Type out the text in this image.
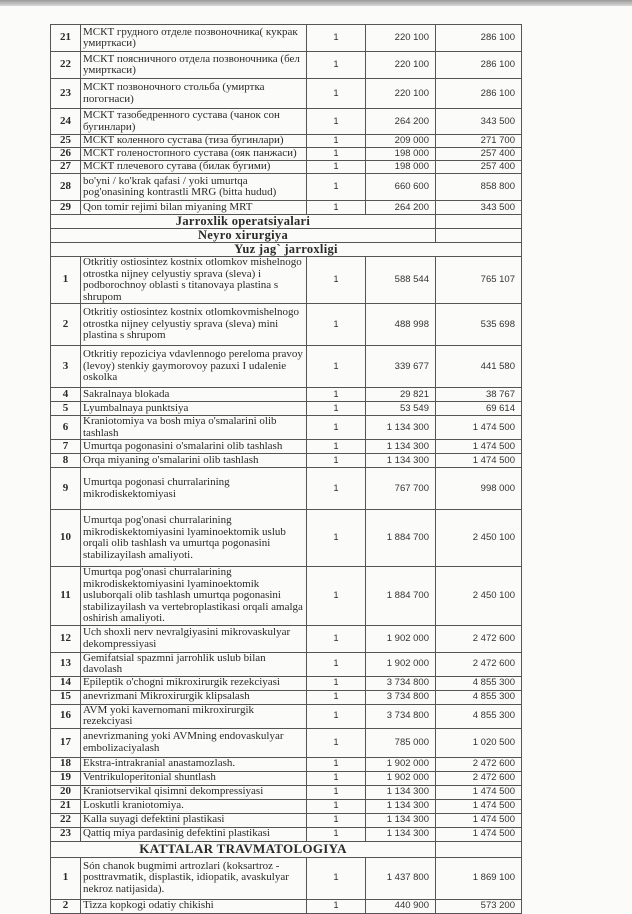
21	МСКТ грудного отделе позвоночника( кукрак умирткаси)	1	220 100	286 100
22	МСКТ поясничного отдела позвоночника (бел умирткаси)	1	220 100	286 100
23	МСКТ позвоночного стольба (умиртка погогнаси)	1	220 100	286 100
24	МСКТ тазобедренного сустава (чанок сон бугинлари)	1	264 200	343 500
25	МСКТ коленного сустава (тиза бугинлари)	1	209 000	271 700
26	МСКТ голеностопного сустава (ояк панжаси)	1	198 000	257 400
27	МСКТ плечевого сутава (билак бугими)	1	198 000	257 400
28	bo'yni / ko'krak qafasi / yoki umurtqa pog'onasining kontrastli MRG (bitta hudud)	1	660 600	858 800
29	Qon tomir rejimi bilan miyaning MRT	1	264 200	343 500
Jarroxlik operatsiyalari				
Neyro xirurgiya				
Yuz jag` jarroxligi				
1	Otkritiy ostiosintez kostnix otlomkov mishelnogo otrostka nijney celyustiy sprava (sleva) i podborochnoy oblasti s titanovaya plastina s shrupom	1	588 544	765 107
2	Otkritiy ostiosintez kostnix otlomkovmishelnogo otrostka nijney celyustiy sprava (sleva) mini plastina s shrupom	1	488 998	535 698
3	Otkritiy repoziciya vdavlennogo pereloma pravoy (levoy) stenkiy gaymorovoy pazuxi I udalenie oskolka	1	339 677	441 580
4	Sakralnaya blokada	1	29 821	38 767
5	Lyumbalnaya punktsiya	1	53 549	69 614
6	Kraniotomiya va bosh miya o'smalarini olib tashlash	1	1 134 300	1 474 500
7	Umurtqa pogonasini o'smalarini olib tashlash	1	1 134 300	1 474 500
8	Orqa miyaning o'smalarini olib tashlash	1	1 134 300	1 474 500
9	Umurtqa pogonasi churralarining mikrodiskektomiyasi	1	767 700	998 000
10	Umurtqa pog'onasi churralarining mikrodiskektomiyasini lyaminoektomik uslub orqali olib tashlash va umurtqa pogonasini stabilizayilash amaliyoti.	1	1 884 700	2 450 100
11	Umurtqa pog'onasi churralarining mikrodiskektomiyasini lyaminoektomik usluborqali olib tashlash umurtqa pogonasini stabilizayilash va vertebroplastikasi orqali amalga oshirish amaliyoti.	1	1 884 700	2 450 100
12	Uch shoxli nerv nevralgiyasini mikrovaskulyar dekompressiyasi	1	1 902 000	2 472 600
13	Gemifatsial spazmni jarrohlik uslub bilan davolash	1	1 902 000	2 472 600
14	Epileptik o'chogni mikroxirurgik rezekciyasi	1	3 734 800	4 855 300
15	anevrizmani Mikroxirurgik klipsalash	1	3 734 800	4 855 300
16	AVM yoki kavernomani mikroxirurgik rezekciyasi	1	3 734 800	4 855 300
17	anevrizmaning yoki AVMning endovaskulyar embolizaciyalash	1	785 000	1 020 500
18	Ekstra-intrakranial anastamozlash.	1	1 902 000	2 472 600
19	Ventrikuloperitonial shuntlash	1	1 902 000	2 472 600
20	Kraniotservikal qisimni dekompressiyasi	1	1 134 300	1 474 500
21	Loskutli kraniotomiya.	1	1 134 300	1 474 500
22	Kalla suyagi defektini plastikasi	1	1 134 300	1 474 500
23	Qattiq miya pardasinig defektini plastikasi	1	1 134 300	1 474 500
KATTALAR TRAVMATOLOGIYA				
1	Són chanok bugmimi artrozlari (koksartroz - posttravmatik, displastik, idiopatik, avaskulyar nekroz natijasida).	1	1 437 800	1 869 100
2	Tizza kopkogi odatiy chikishi	1	440 900	573 200
